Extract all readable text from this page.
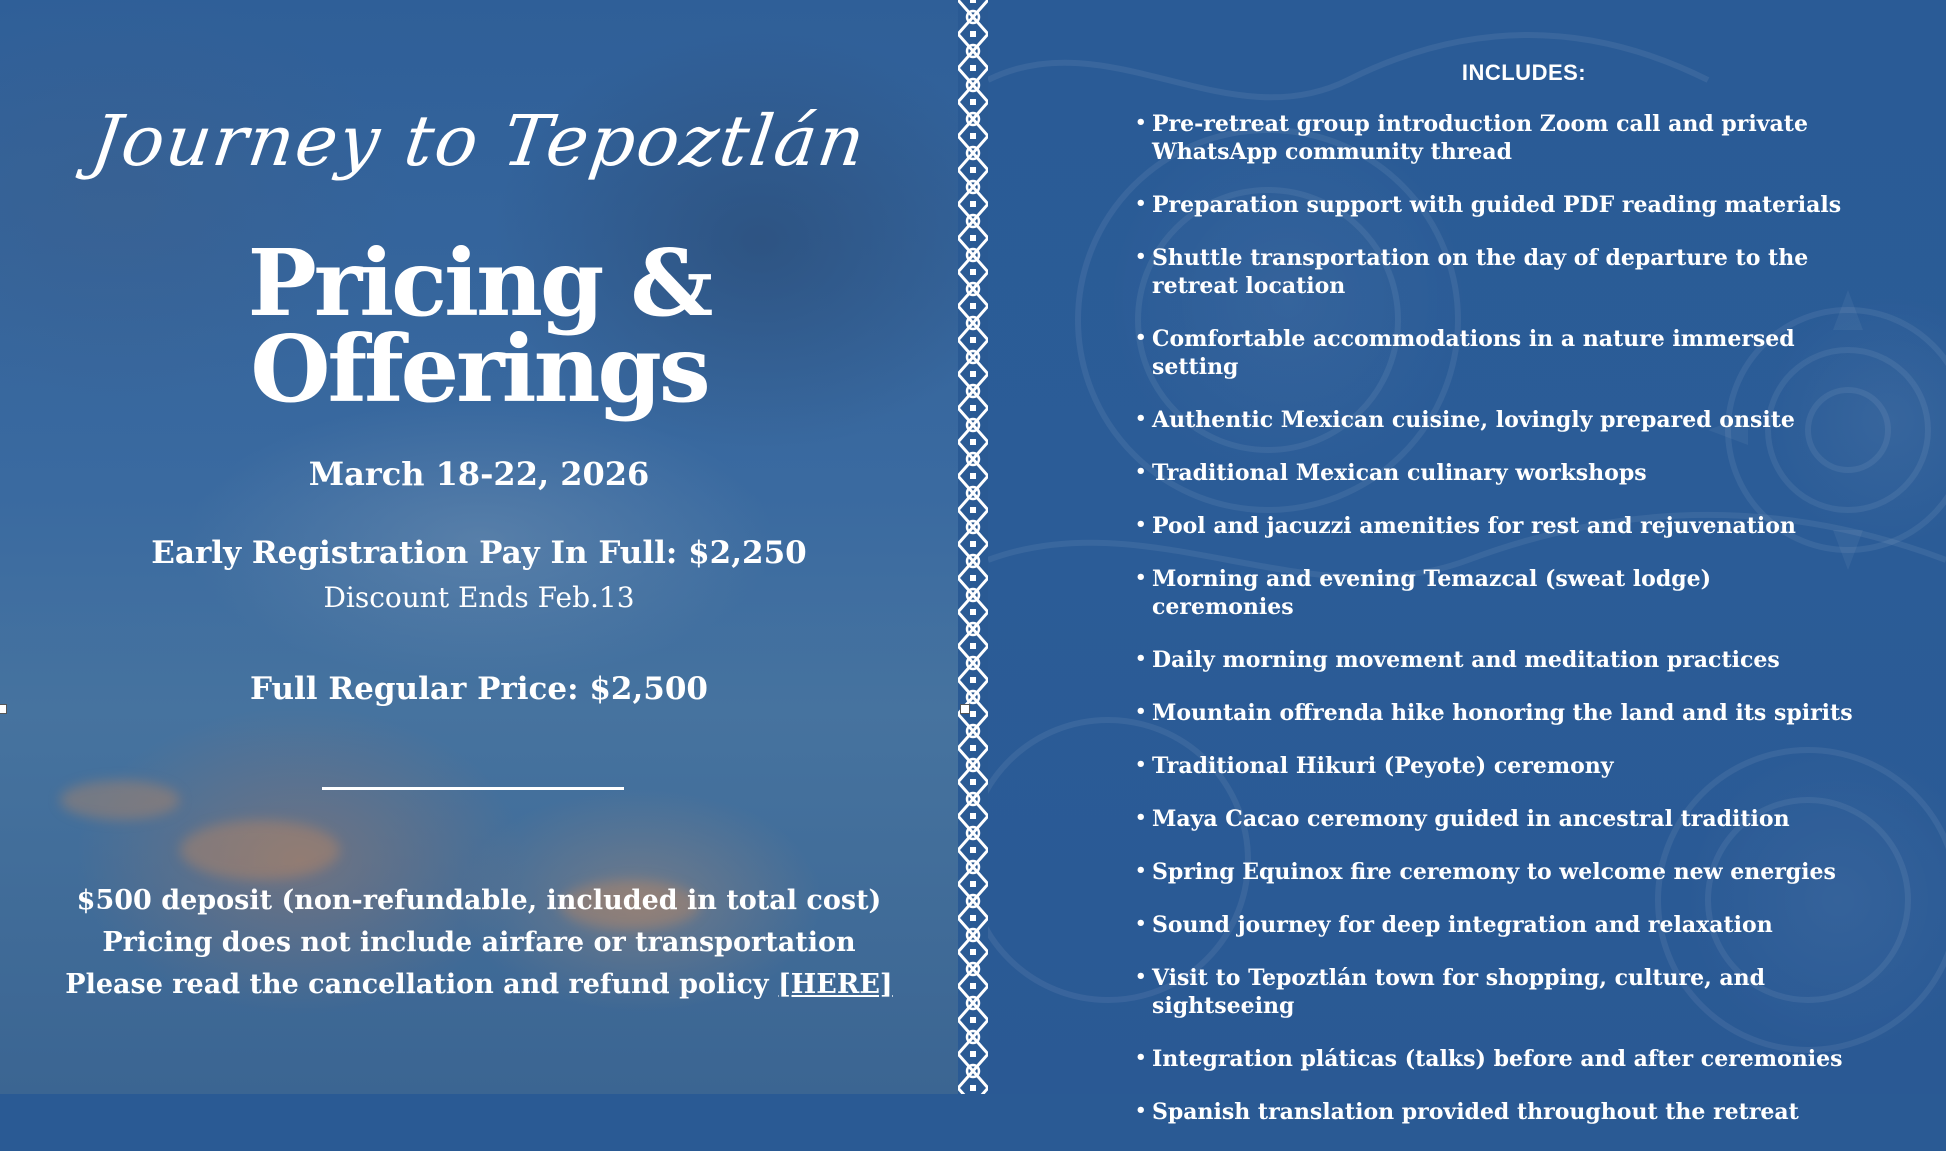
Journey to Tepoztlán
Pricing &
Offerings
March 18-22, 2026
Early Registration Pay In Full: $2,250
Discount Ends Feb.13
Full Regular Price: $2,500
$500 deposit (non-refundable, included in total cost)
Pricing does not include airfare or transportation
Please read the cancellation and refund policy [HERE]
INCLUDES:
• Pre-retreat group introduction Zoom call and private WhatsApp community thread
• Preparation support with guided PDF reading materials
• Shuttle transportation on the day of departure to the retreat location
• Comfortable accommodations in a nature immersed setting
• Authentic Mexican cuisine, lovingly prepared onsite
• Traditional Mexican culinary workshops
• Pool and jacuzzi amenities for rest and rejuvenation
• Morning and evening Temazcal (sweat lodge) ceremonies
• Daily morning movement and meditation practices
• Mountain offrenda hike honoring the land and its spirits
• Traditional Hikuri (Peyote) ceremony
• Maya Cacao ceremony guided in ancestral tradition
• Spring Equinox fire ceremony to welcome new energies
• Sound journey for deep integration and relaxation
• Visit to Tepoztlán town for shopping, culture, and sightseeing
• Integration pláticas (talks) before and after ceremonies
• Spanish translation provided throughout the retreat
